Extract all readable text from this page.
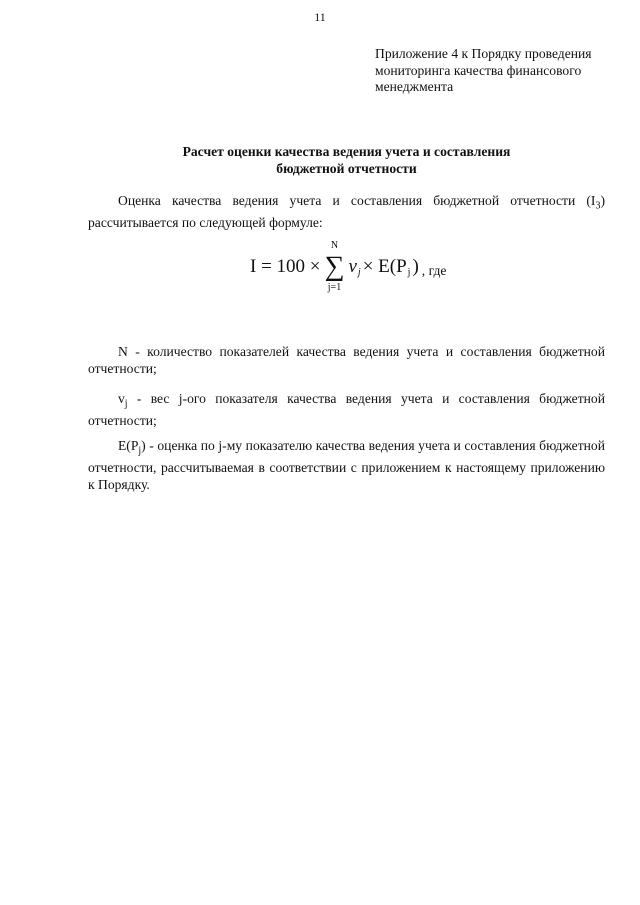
11
Приложение 4 к Порядку проведения
мониторинга качества финансового
менеджмента
Расчет оценки качества ведения учета и составления
бюджетной отчетности
Оценка качества ведения учета и составления бюджетной отчетности $(I_3)$ рассчитывается по следующей формуле:
I = 100 ×
N
∑
j=1
v j × E(P j ) , где
N - количество показателей качества ведения учета и составления бюджетной отчетности;
$v_j$ - вес j-ого показателя качества ведения учета и составления бюджетной отчетности;
$E(P_j)$ - оценка по j-му показателю качества ведения учета и составления бюджетной отчетности, рассчитываемая в соответствии с приложением к настоящему приложению к Порядку.
